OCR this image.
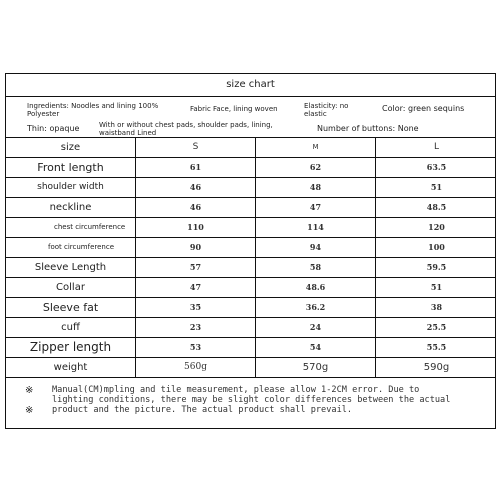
size chart
Ingredients: Noodles and lining 100% Polyester
Fabric Face, lining woven	Elasticity: no elastic
Color: green sequins
Thin: opaque	With or without chest pads, shoulder pads, lining, waistband Lined	Number of buttons: None
size	S	M	L
Front length	61	62	63.5
shoulder width	46	48	51
neckline	46	47	48.5
chest circumference	110	114	120
foot circumference	90	94	100
Sleeve Length	57	58	59.5
Collar	47	48.6	51
Sleeve fat	35	36.2	38
cuff	23	24	25.5
Zipper length	53	54	55.5
weight	560g	570g	590g
※ Manual(CM)mpling and tile measurement, please allow 1-2CM error. Due to
※
lighting conditions, there may be slight color differences between the actual product and the picture. The actual product shall prevail.
